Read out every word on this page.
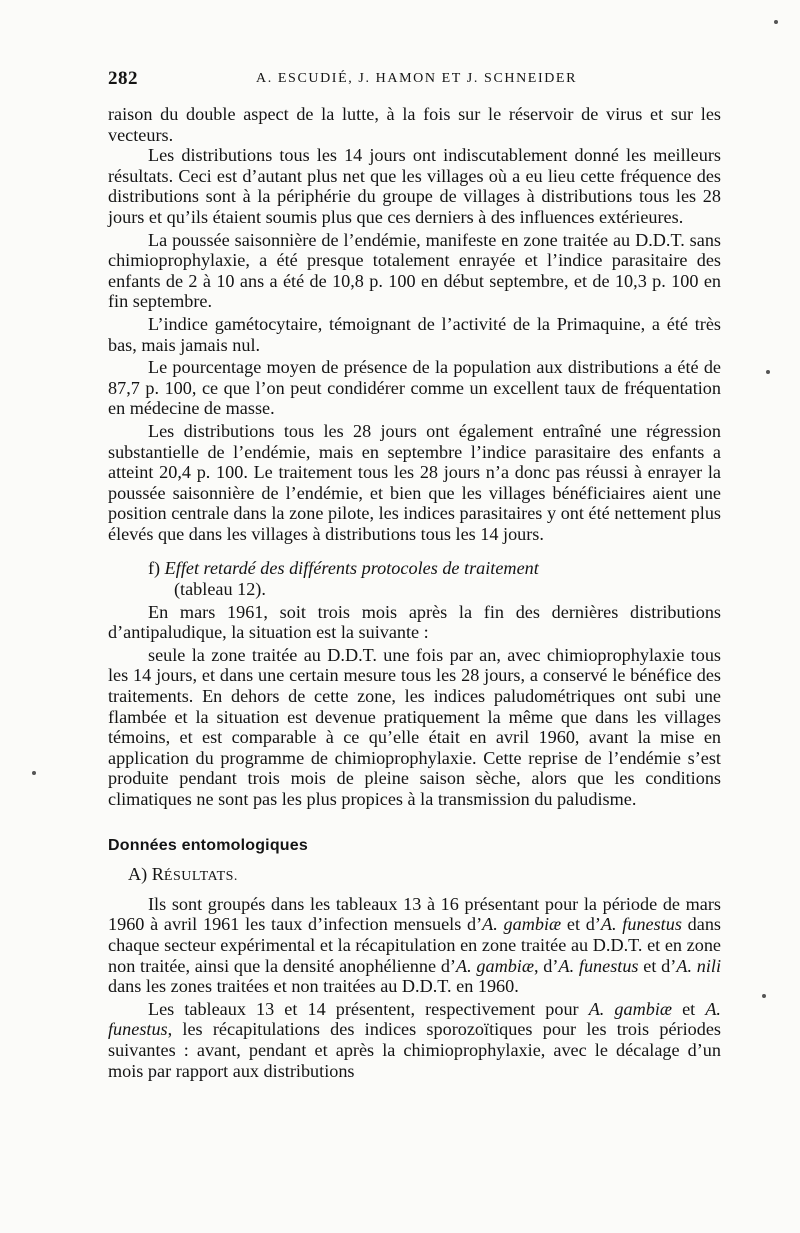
282	A. ESCUDIÉ, J. HAMON ET J. SCHNEIDER

raison du double aspect de la lutte, à la fois sur le réservoir de virus et sur les vecteurs.

Les distributions tous les 14 jours ont indiscutablement donné les meilleurs résultats. Ceci est d’autant plus net que les villages où a eu lieu cette fréquence des distributions sont à la périphérie du groupe de villages à distributions tous les 28 jours et qu’ils étaient soumis plus que ces derniers à des influences extérieures.

La poussée saisonnière de l’endémie, manifeste en zone traitée au D.D.T. sans chimioprophylaxie, a été presque totalement enrayée et l’indice parasitaire des enfants de 2 à 10 ans a été de 10,8 p. 100 en début septembre, et de 10,3 p. 100 en fin septembre.

L’indice gamétocytaire, témoignant de l’activité de la Primaquine, a été très bas, mais jamais nul.

Le pourcentage moyen de présence de la population aux distributions a été de 87,7 p. 100, ce que l’on peut condidérer comme un excellent taux de fréquentation en médecine de masse.

Les distributions tous les 28 jours ont également entraîné une régression substantielle de l’endémie, mais en septembre l’indice parasitaire des enfants a atteint 20,4 p. 100. Le traitement tous les 28 jours n’a donc pas réussi à enrayer la poussée saisonnière de l’endémie, et bien que les villages bénéficiaires aient une position centrale dans la zone pilote, les indices parasitaires y ont été nettement plus élevés que dans les villages à distributions tous les 14 jours.

f) Effet retardé des différents protocoles de traitement
(tableau 12).

En mars 1961, soit trois mois après la fin des dernières distributions d’antipaludique, la situation est la suivante :

seule la zone traitée au D.D.T. une fois par an, avec chimioprophylaxie tous les 14 jours, et dans une certain mesure tous les 28 jours, a conservé le bénéfice des traitements. En dehors de cette zone, les indices paludométriques ont subi une flambée et la situation est devenue pratiquement la même que dans les villages témoins, et est comparable à ce qu’elle était en avril 1960, avant la mise en application du programme de chimioprophylaxie. Cette reprise de l’endémie s’est produite pendant trois mois de pleine saison sèche, alors que les conditions climatiques ne sont pas les plus propices à la transmission du paludisme.

Données entomologiques

A) RÉSULTATS.

Ils sont groupés dans les tableaux 13 à 16 présentant pour la période de mars 1960 à avril 1961 les taux d’infection mensuels d’A. gambiæ et d’A. funestus dans chaque secteur expérimental et la récapitulation en zone traitée au D.D.T. et en zone non traitée, ainsi que la densité anophélienne d’A. gambiæ, d’A. funestus et d’A. nili dans les zones traitées et non traitées au D.D.T. en 1960.

Les tableaux 13 et 14 présentent, respectivement pour A. gambiæ et A. funestus, les récapitulations des indices sporozoïtiques pour les trois périodes suivantes : avant, pendant et après la chimioprophylaxie, avec le décalage d’un mois par rapport aux distributions
